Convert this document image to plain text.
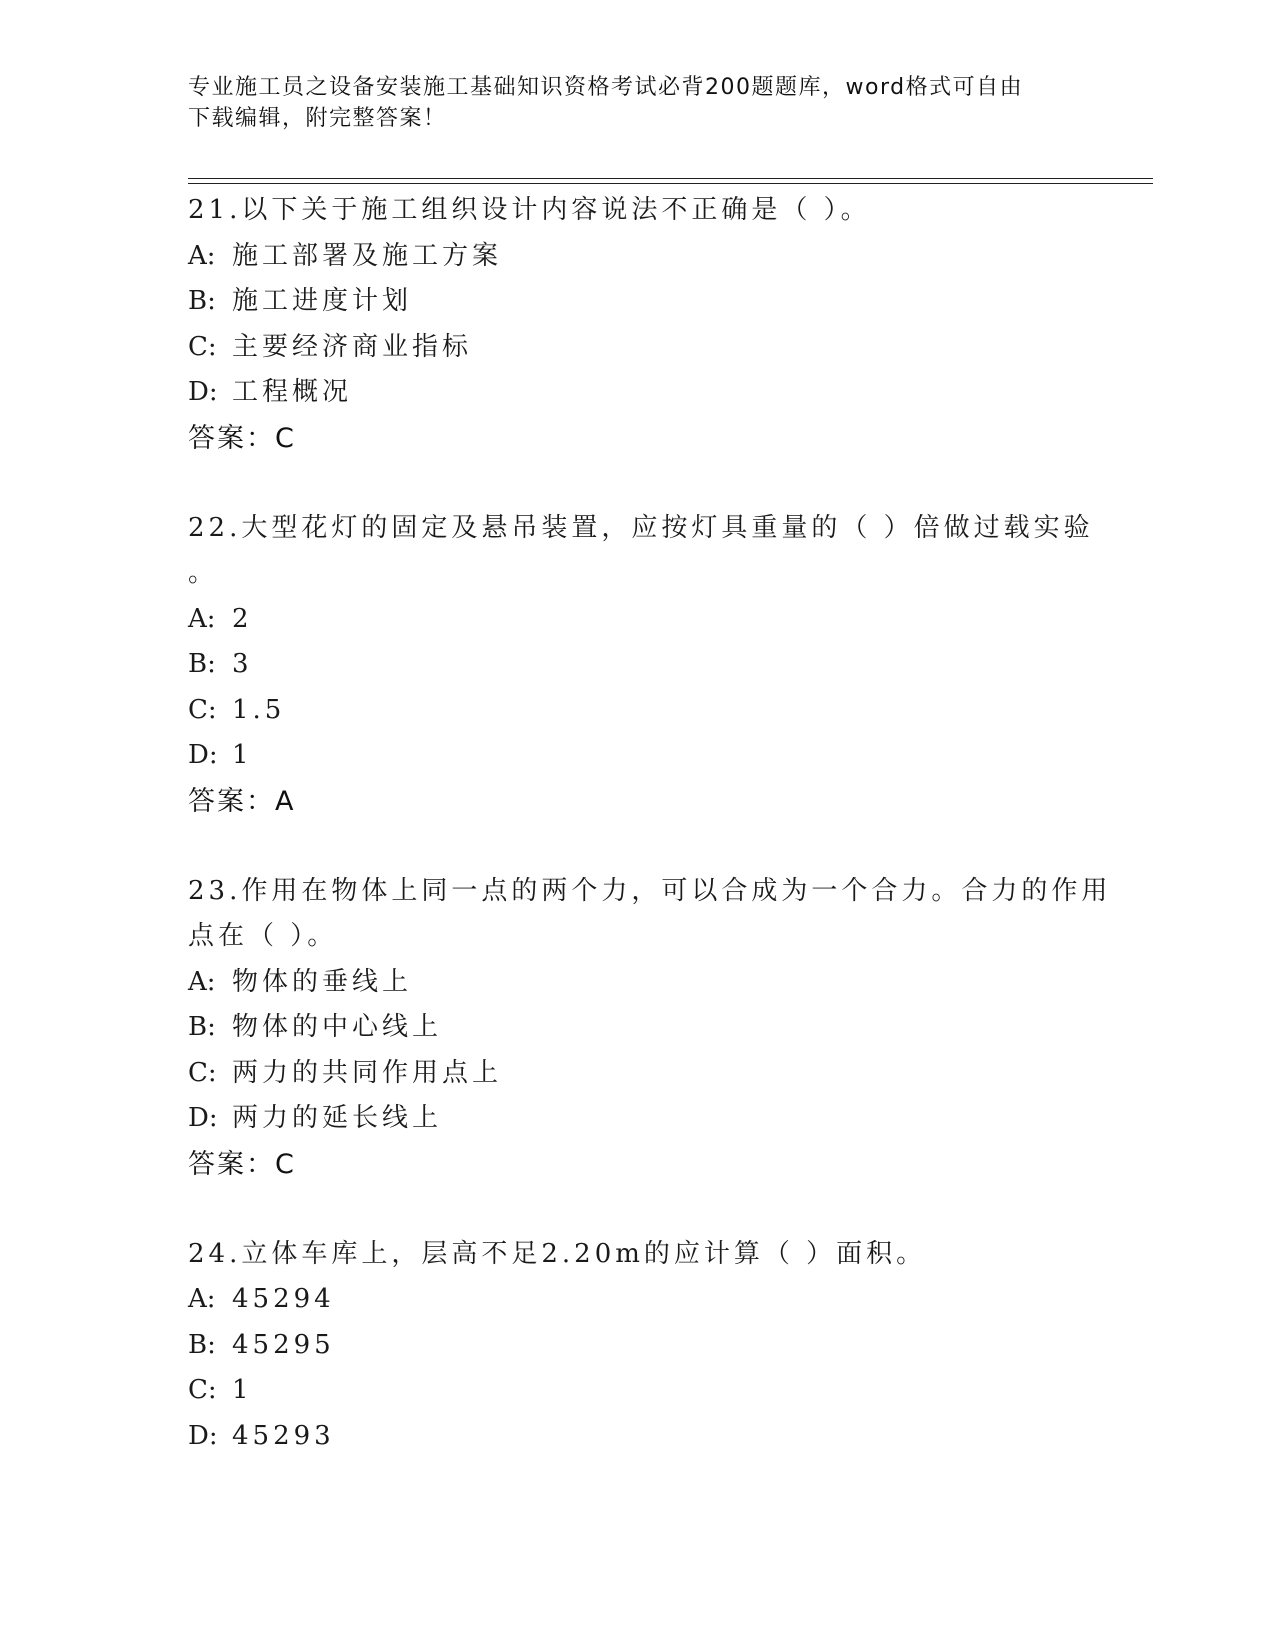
专业施工员之设备安装施工基础知识资格考试必背200题题库，word格式可自由
下载编辑，附完整答案！
21.以下关于施工组织设计内容说法不正确是（ ）。
A: 施工部署及施工方案
B: 施工进度计划
C: 主要经济商业指标
D: 工程概况
答案：C
22.大型花灯的固定及悬吊装置，应按灯具重量的（ ）倍做过载实验
。
A: 2
B: 3
C: 1.5
D: 1
答案：A
23.作用在物体上同一点的两个力，可以合成为一个合力。合力的作用
点在（ ）。
A: 物体的垂线上
B: 物体的中心线上
C: 两力的共同作用点上
D: 两力的延长线上
答案：C
24.立体车库上，层高不足2.20m的应计算（ ）面积。
A: 45294
B: 45295
C: 1
D: 45293
